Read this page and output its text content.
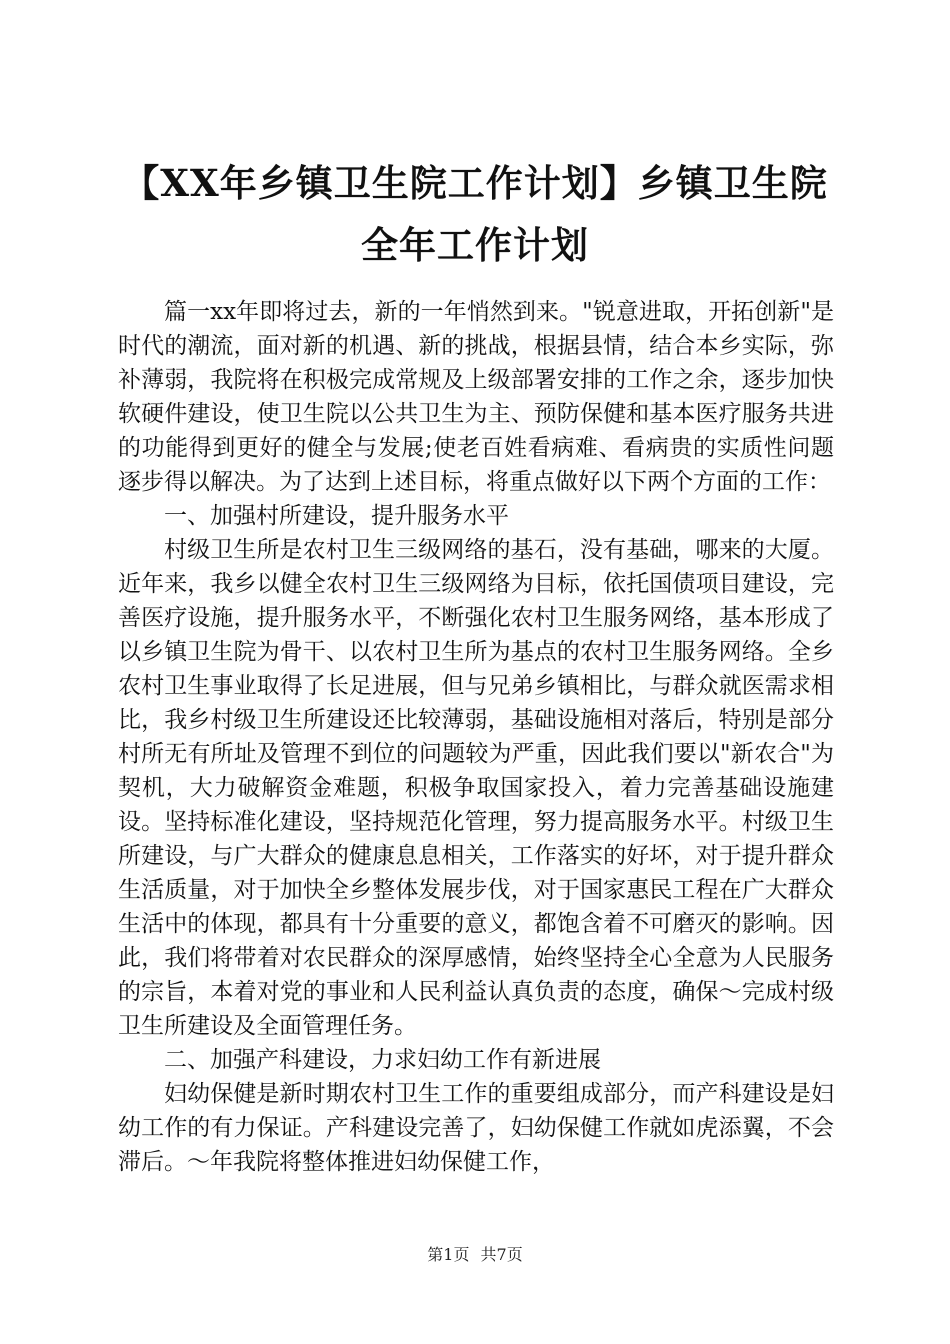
【XX年乡镇卫生院工作计划】乡镇卫生院全年工作计划

篇一xx年即将过去，新的一年悄然到来。"锐意进取，开拓创新"是时代的潮流，面对新的机遇、新的挑战，根据县情，结合本乡实际，弥补薄弱，我院将在积极完成常规及上级部署安排的工作之余，逐步加快软硬件建设，使卫生院以公共卫生为主、预防保健和基本医疗服务共进的功能得到更好的健全与发展;使老百姓看病难、看病贵的实质性问题逐步得以解决。为了达到上述目标，将重点做好以下两个方面的工作：

一、加强村所建设，提升服务水平

村级卫生所是农村卫生三级网络的基石，没有基础，哪来的大厦。近年来，我乡以健全农村卫生三级网络为目标，依托国债项目建设，完善医疗设施，提升服务水平，不断强化农村卫生服务网络，基本形成了以乡镇卫生院为骨干、以农村卫生所为基点的农村卫生服务网络。全乡农村卫生事业取得了长足进展，但与兄弟乡镇相比，与群众就医需求相比，我乡村级卫生所建设还比较薄弱，基础设施相对落后，特别是部分村所无有所址及管理不到位的问题较为严重，因此我们要以"新农合"为契机，大力破解资金难题，积极争取国家投入，着力完善基础设施建设。坚持标准化建设，坚持规范化管理，努力提高服务水平。村级卫生所建设，与广大群众的健康息息相关，工作落实的好坏，对于提升群众生活质量，对于加快全乡整体发展步伐，对于国家惠民工程在广大群众生活中的体现，都具有十分重要的意义，都饱含着不可磨灭的影响。因此，我们将带着对农民群众的深厚感情，始终坚持全心全意为人民服务的宗旨，本着对党的事业和人民利益认真负责的态度，确保～完成村级卫生所建设及全面管理任务。

二、加强产科建设，力求妇幼工作有新进展

妇幼保健是新时期农村卫生工作的重要组成部分，而产科建设是妇幼工作的有力保证。产科建设完善了，妇幼保健工作就如虎添翼，不会滞后。～年我院将整体推进妇幼保健工作，

第1页 共7页
